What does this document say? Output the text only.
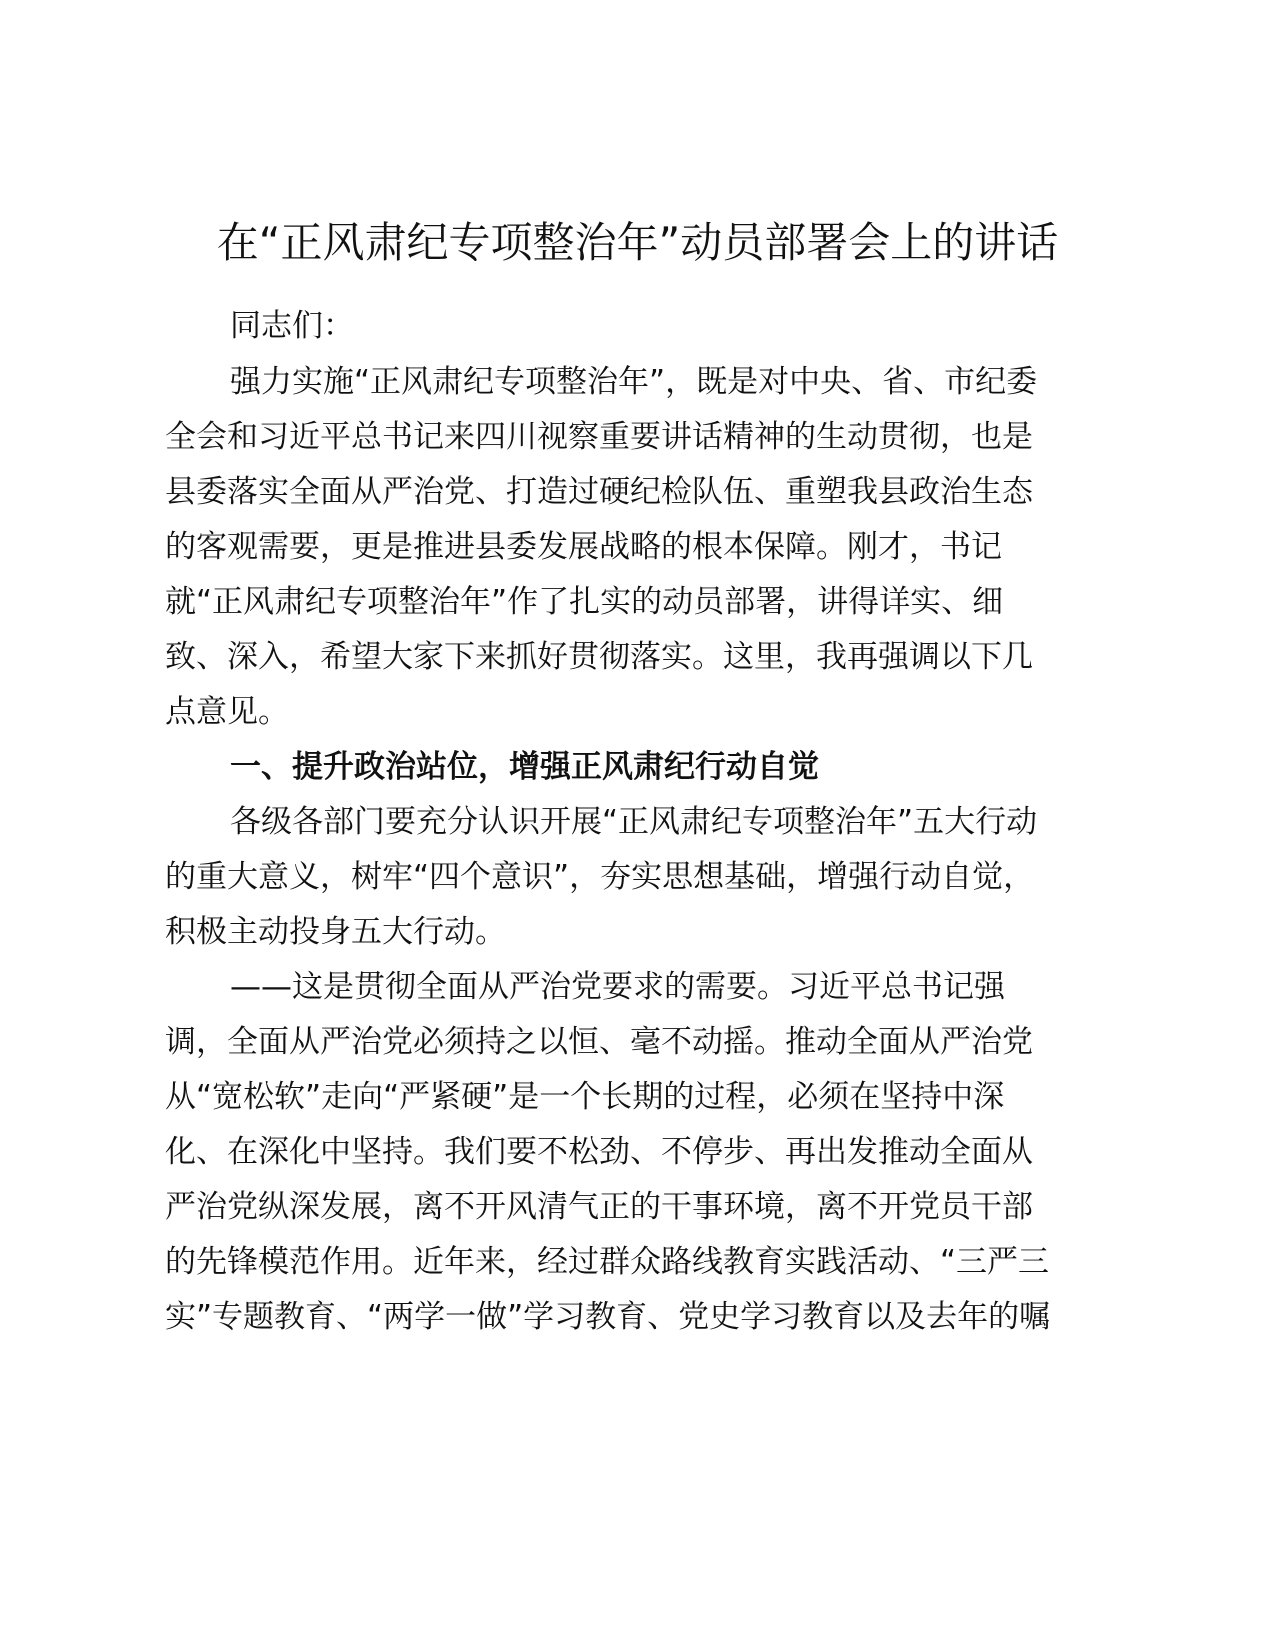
在“正风肃纪专项整治年”动员部署会上的讲话

同志们：

强力实施“正风肃纪专项整治年”，既是对中央、省、市纪委

全会和习近平总书记来四川视察重要讲话精神的生动贯彻，也是

县委落实全面从严治党、打造过硬纪检队伍、重塑我县政治生态

的客观需要，更是推进县委发展战略的根本保障。刚才，书记

就“正风肃纪专项整治年”作了扎实的动员部署，讲得详实、细

致、深入，希望大家下来抓好贯彻落实。这里，我再强调以下几

点意见。

一、提升政治站位，增强正风肃纪行动自觉

各级各部门要充分认识开展“正风肃纪专项整治年”五大行动

的重大意义，树牢“四个意识”，夯实思想基础，增强行动自觉，

积极主动投身五大行动。

——这是贯彻全面从严治党要求的需要。习近平总书记强

调，全面从严治党必须持之以恒、毫不动摇。推动全面从严治党

从“宽松软”走向“严紧硬”是一个长期的过程，必须在坚持中深

化、在深化中坚持。我们要不松劲、不停步、再出发推动全面从

严治党纵深发展，离不开风清气正的干事环境，离不开党员干部

的先锋模范作用。近年来，经过群众路线教育实践活动、“三严三

实”专题教育、“两学一做”学习教育、党史学习教育以及去年的嘱
